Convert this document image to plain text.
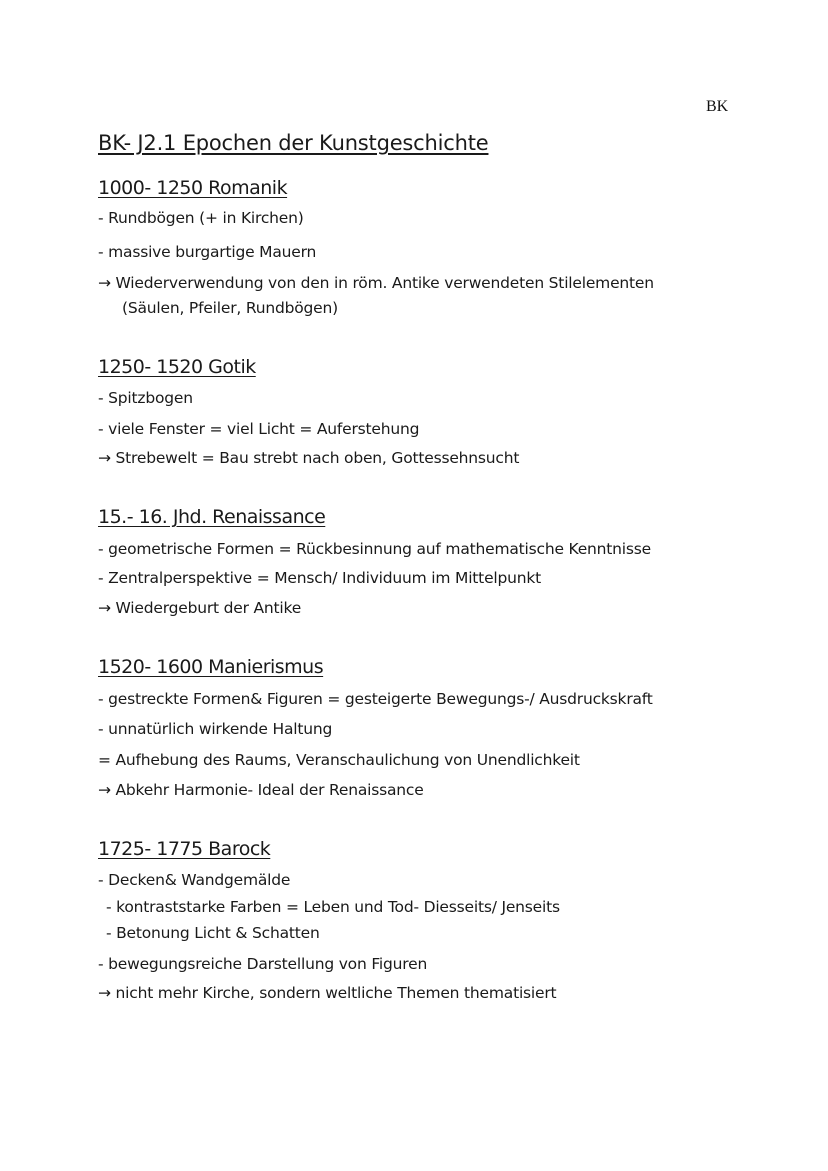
BK
BK- J2.1 Epochen der Kunstgeschichte
1000- 1250 Romanik

- Rundbögen (+ in Kirchen)

- massive burgartige Mauern

→ Wiederverwendung von den in röm. Antike verwendeten Stilelementen

(Säulen, Pfeiler, Rundbögen)

1250- 1520 Gotik

- Spitzbogen

- viele Fenster = viel Licht = Auferstehung

→ Strebewelt = Bau strebt nach oben, Gottessehnsucht

15.- 16. Jhd. Renaissance

- geometrische Formen = Rückbesinnung auf mathematische Kenntnisse

- Zentralperspektive = Mensch/ Individuum im Mittelpunkt

→ Wiedergeburt der Antike

1520- 1600 Manierismus

- gestreckte Formen& Figuren = gesteigerte Bewegungs-/ Ausdruckskraft

- unnatürlich wirkende Haltung

= Aufhebung des Raums, Veranschaulichung von Unendlichkeit

→ Abkehr Harmonie- Ideal der Renaissance

1725- 1775 Barock

- Decken& Wandgemälde

- kontraststarke Farben = Leben und Tod- Diesseits/ Jenseits

- Betonung Licht & Schatten

- bewegungsreiche Darstellung von Figuren

→ nicht mehr Kirche, sondern weltliche Themen thematisiert
